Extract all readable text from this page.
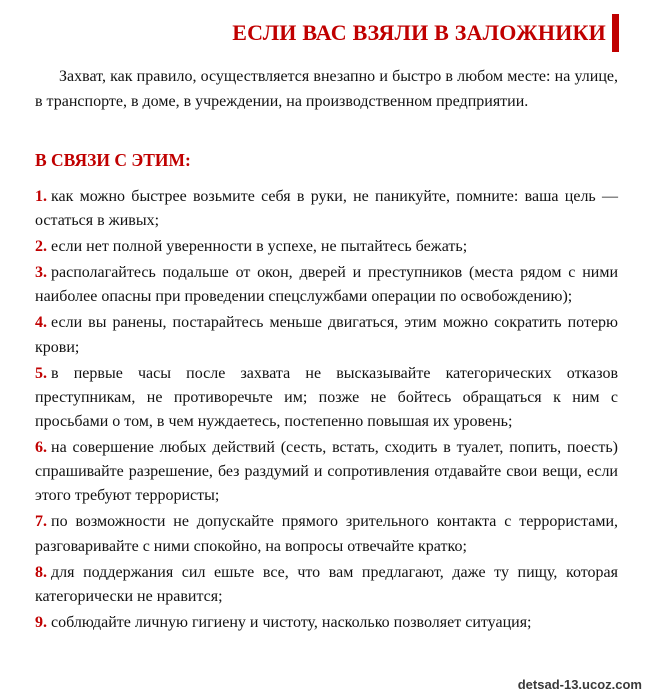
ЕСЛИ ВАС ВЗЯЛИ В ЗАЛОЖНИКИ

Захват, как правило, осуществляется внезапно и быстро в любом месте: на улице, в транспорте, в доме, в учреждении, на производственном предприятии.

В СВЯЗИ С ЭТИМ:
1. как можно быстрее возьмите себя в руки, не паникуйте, помните: ваша цель — остаться в живых;
2. если нет полной уверенности в успехе, не пытайтесь бежать;
3. располагайтесь подальше от окон, дверей и преступников (места рядом с ними наиболее опасны при проведении спецслужбами операции по освобождению);
4. если вы ранены, постарайтесь меньше двигаться, этим можно сократить потерю крови;
5. в первые часы после захвата не высказывайте категорических отказов преступникам, не противоречьте им; позже не бойтесь обращаться к ним с просьбами о том, в чем нуждаетесь, постепенно повышая их уровень;
6. на совершение любых действий (сесть, встать, сходить в туалет, попить, поесть) спрашивайте разрешение, без раздумий и сопротивления отдавайте свои вещи, если этого требуют террористы;
7. по возможности не допускайте прямого зрительного контакта с террористами, разговаривайте с ними спокойно, на вопросы отвечайте кратко;
8. для поддержания сил ешьте все, что вам предлагают, даже ту пищу, которая категорически не нравится;
9. соблюдайте личную гигиену и чистоту, насколько позволяет ситуация;
detsad-13.ucoz.com
